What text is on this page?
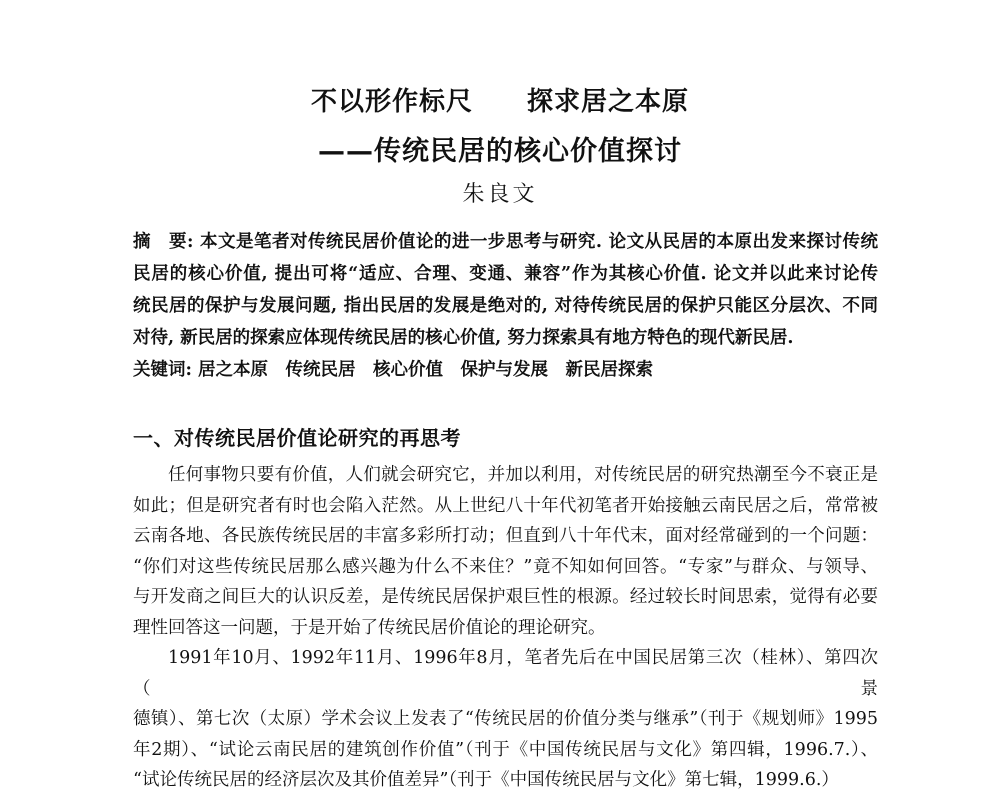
不以形作标尺　　探求居之本原
——传统民居的核心价值探讨
朱良文
摘　要: 本文是笔者对传统民居价值论的进一步思考与研究. 论文从民居的本原出发来探讨传统
民居的核心价值, 提出可将“适应、合理、变通、兼容”作为其核心价值. 论文并以此来讨论传
统民居的保护与发展问题, 指出民居的发展是绝对的, 对待传统民居的保护只能区分层次、不同
对待, 新民居的探索应体现传统民居的核心价值, 努力探索具有地方特色的现代新民居.
关键词: 居之本原　传统民居　核心价值　保护与发展　新民居探索
一、对传统民居价值论研究的再思考
任何事物只要有价值，人们就会研究它，并加以利用，对传统民居的研究热潮至今不衰正是
如此；但是研究者有时也会陷入茫然。从上世纪八十年代初笔者开始接触云南民居之后，常常被
云南各地、各民族传统民居的丰富多彩所打动；但直到八十年代末，面对经常碰到的一个问题：
“你们对这些传统民居那么感兴趣为什么不来住？”竟不知如何回答。“专家”与群众、与领导、
与开发商之间巨大的认识反差，是传统民居保护艰巨性的根源。经过较长时间思索，觉得有必要
理性回答这一问题，于是开始了传统民居价值论的理论研究。
1991年10月、1992年11月、1996年8月，笔者先后在中国民居第三次（桂林）、第四次（景
德镇）、第七次（太原）学术会议上发表了“传统民居的价值分类与继承”（刊于《规划师》1995
年2期）、“试论云南民居的建筑创作价值”（刊于《中国传统民居与文化》第四辑，1996.7.）、
“试论传统民居的经济层次及其价值差异”（刊于《中国传统民居与文化》第七辑，1999.6.）
